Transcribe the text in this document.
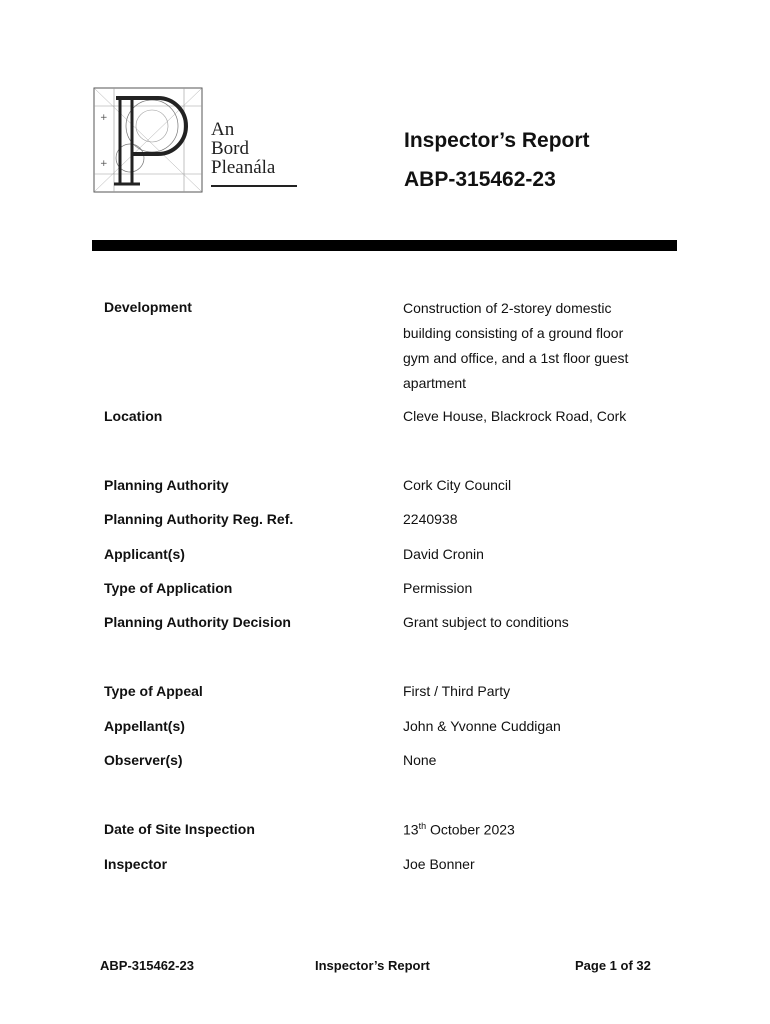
+
+
An
Bord
Pleanála
Inspector’s Report
ABP-315462-23
Development	Construction of 2-storey domestic
building consisting of a ground floor
gym and office, and a 1st floor guest
apartment
Location	Cleve House, Blackrock Road, Cork
Planning Authority	Cork City Council
Planning Authority Reg. Ref.	2240938
Applicant(s)	David Cronin
Type of Application	Permission
Planning Authority Decision	Grant subject to conditions
Type of Appeal	First / Third Party
Appellant(s)	John & Yvonne Cuddigan
Observer(s)	None
Date of Site Inspection	13th October 2023
Inspector	Joe Bonner
ABP-315462-23	Inspector’s Report	Page 1 of 32
